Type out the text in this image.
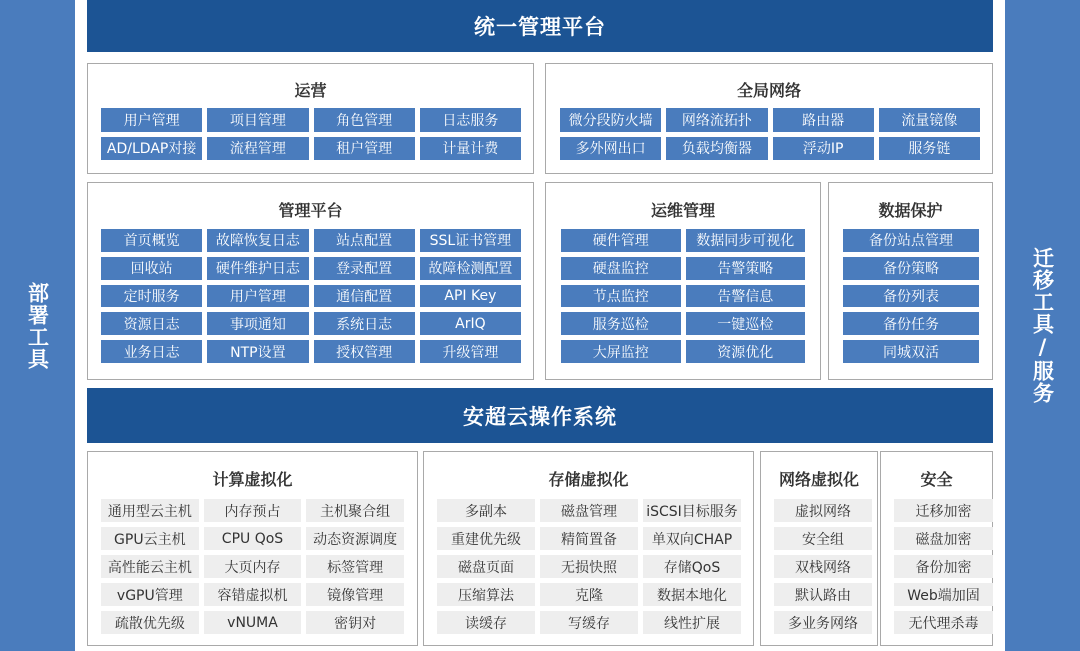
部署工具	迁移工具/服务
统一管理平台
运营
用户管理	项目管理	角色管理	日志服务
AD/LDAP对接	流程管理	租户管理	计量计费
全局网络
微分段防火墙	网络流拓扑	路由器	流量镜像
多外网出口	负载均衡器	浮动IP	服务链
管理平台
首页概览	故障恢复日志	站点配置	SSL证书管理
回收站	硬件维护日志	登录配置	故障检测配置
定时服务	用户管理	通信配置	API Key
资源日志	事项通知	系统日志	ArIQ
业务日志	NTP设置	授权管理	升级管理
运维管理
硬件管理	数据同步可视化
硬盘监控	告警策略
节点监控	告警信息
服务巡检	一键巡检
大屏监控	资源优化
数据保护
备份站点管理
备份策略
备份列表
备份任务
同城双活
安超云操作系统
计算虚拟化
通用型云主机	内存预占	主机聚合组
GPU云主机	CPU QoS	动态资源调度
高性能云主机	大页内存	标签管理
vGPU管理	容错虚拟机	镜像管理
疏散优先级	vNUMA	密钥对
存储虚拟化
多副本	磁盘管理	iSCSI目标服务
重建优先级	精简置备	单双向CHAP
磁盘页面	无损快照	存储QoS
压缩算法	克隆	数据本地化
读缓存	写缓存	线性扩展
网络虚拟化
虚拟网络
安全组
双栈网络
默认路由
多业务网络
安全
迁移加密
磁盘加密
备份加密
Web端加固
无代理杀毒
